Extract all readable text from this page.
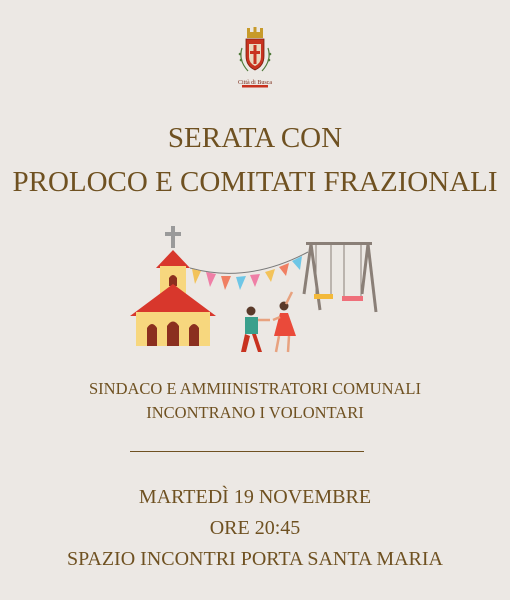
Città di Busca
SERATA CON
PROLOCO E COMITATI FRAZIONALI
SINDACO E AMMIINISTRATORI COMUNALI
INCONTRANO I VOLONTARI
MARTEDÌ 19 NOVEMBRE
ORE 20:45
SPAZIO INCONTRI PORTA SANTA MARIA
